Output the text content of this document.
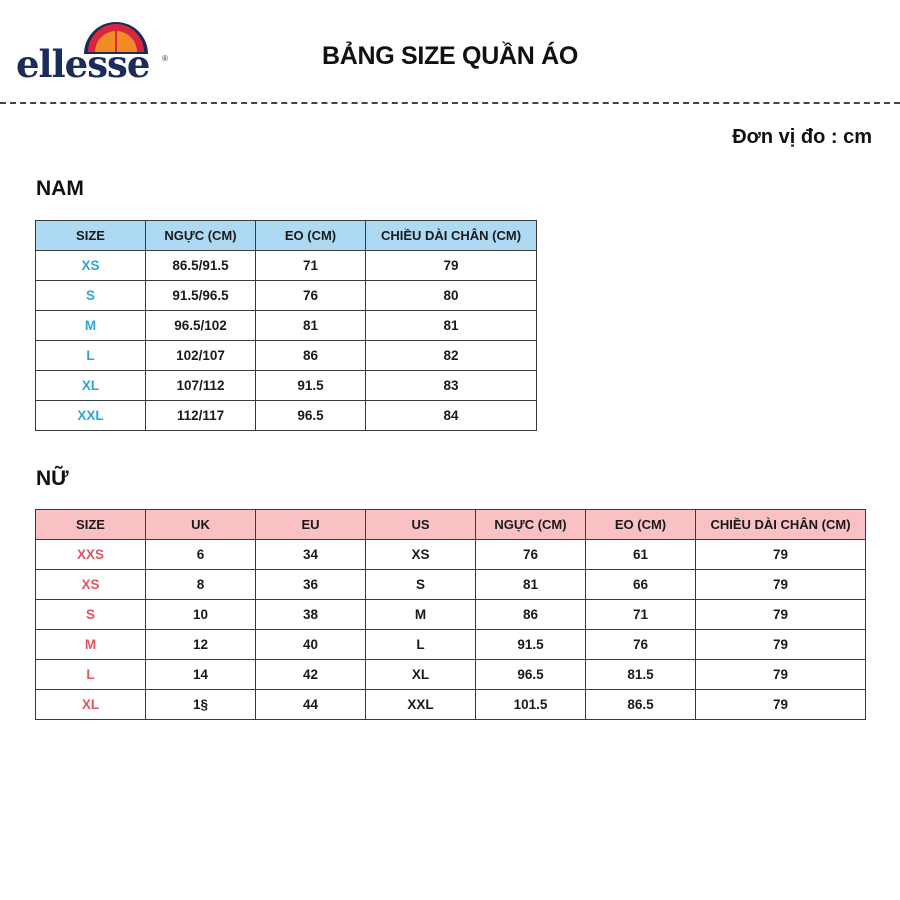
ellesse ®	BẢNG SIZE QUẦN ÁO
Đơn vị đo : cm
NAM
SIZE	NGỰC (CM)	EO (CM)	CHIỀU DÀI CHÂN (CM)
XS	86.5/91.5	71	79
S	91.5/96.5	76	80
M	96.5/102	81	81
L	102/107	86	82
XL	107/112	91.5	83
XXL	112/117	96.5	84
NỮ
SIZE	UK	EU	US	NGỰC (CM)	EO (CM)	CHIỀU DÀI CHÂN (CM)
XXS	6	34	XS	76	61	79
XS	8	36	S	81	66	79
S	10	38	M	86	71	79
M	12	40	L	91.5	76	79
L	14	42	XL	96.5	81.5	79
XL	1§	44	XXL	101.5	86.5	79
